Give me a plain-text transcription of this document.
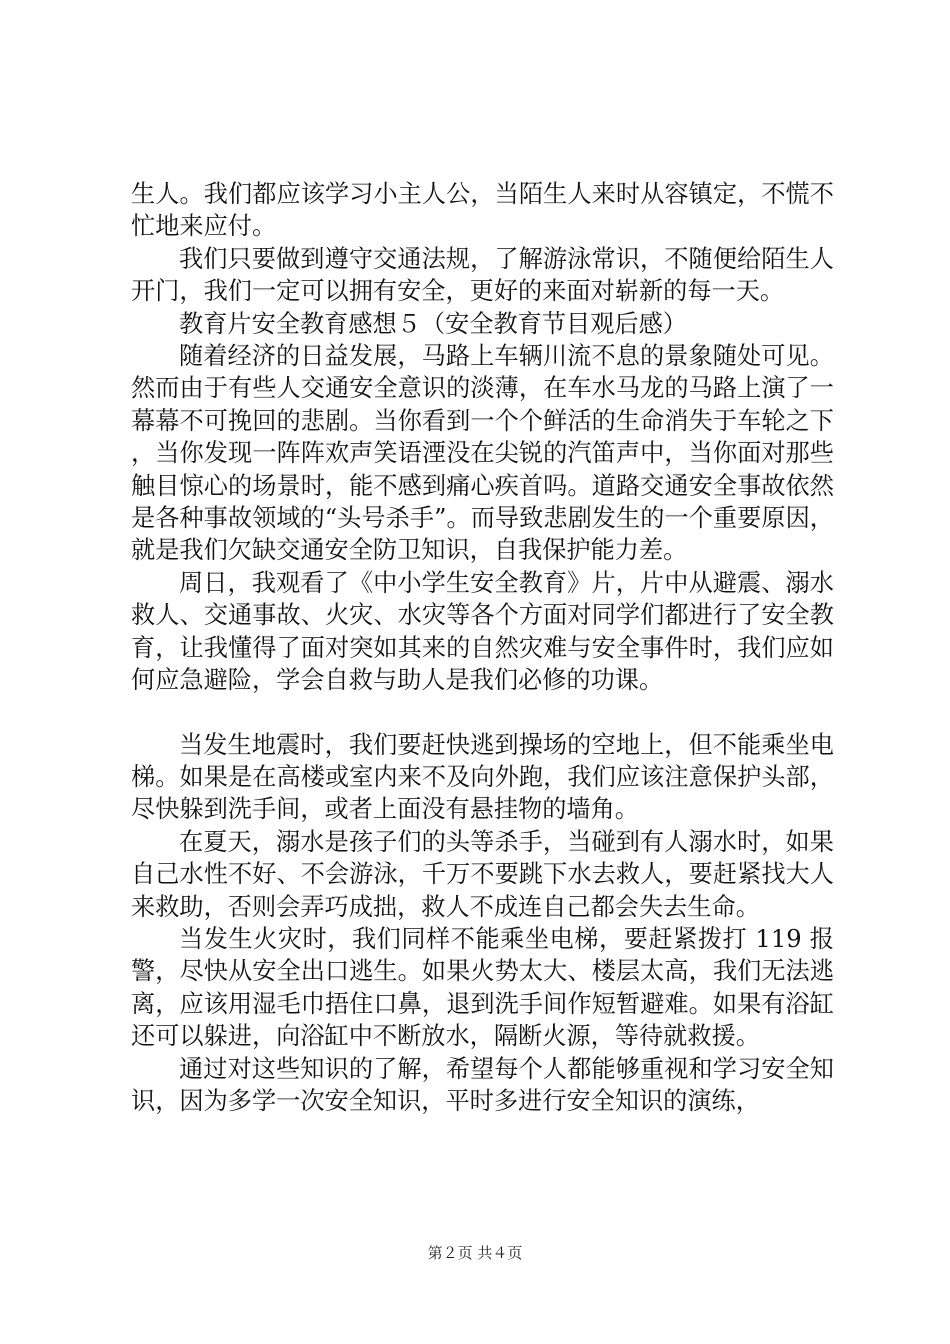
生人。我们都应该学习小主人公，当陌生人来时从容镇定，不慌不忙地来应付。

我们只要做到遵守交通法规，了解游泳常识，不随便给陌生人开门，我们一定可以拥有安全，更好的来面对崭新的每一天。

教育片安全教育感想５（安全教育节目观后感）

随着经济的日益发展，马路上车辆川流不息的景象随处可见。然而由于有些人交通安全意识的淡薄，在车水马龙的马路上演了一幕幕不可挽回的悲剧。当你看到一个个鲜活的生命消失于车轮之下，当你发现一阵阵欢声笑语湮没在尖锐的汽笛声中，当你面对那些触目惊心的场景时，能不感到痛心疾首吗。道路交通安全事故依然是各种事故领域的“头号杀手”。而导致悲剧发生的一个重要原因，就是我们欠缺交通安全防卫知识，自我保护能力差。

周日，我观看了《中小学生安全教育》片，片中从避震、溺水救人、交通事故、火灾、水灾等各个方面对同学们都进行了安全教育，让我懂得了面对突如其来的自然灾难与安全事件时，我们应如何应急避险，学会自救与助人是我们必修的功课。

当发生地震时，我们要赶快逃到操场的空地上，但不能乘坐电梯。如果是在高楼或室内来不及向外跑，我们应该注意保护头部，尽快躲到洗手间，或者上面没有悬挂物的墙角。

在夏天，溺水是孩子们的头等杀手，当碰到有人溺水时，如果自己水性不好、不会游泳，千万不要跳下水去救人，要赶紧找大人来救助，否则会弄巧成拙，救人不成连自己都会失去生命。

当发生火灾时，我们同样不能乘坐电梯，要赶紧拨打 119 报警，尽快从安全出口逃生。如果火势太大、楼层太高，我们无法逃离，应该用湿毛巾捂住口鼻，退到洗手间作短暂避难。如果有浴缸还可以躲进，向浴缸中不断放水，隔断火源，等待就救援。

通过对这些知识的了解，希望每个人都能够重视和学习安全知识，因为多学一次安全知识，平时多进行安全知识的演练，

第２页 共４页
